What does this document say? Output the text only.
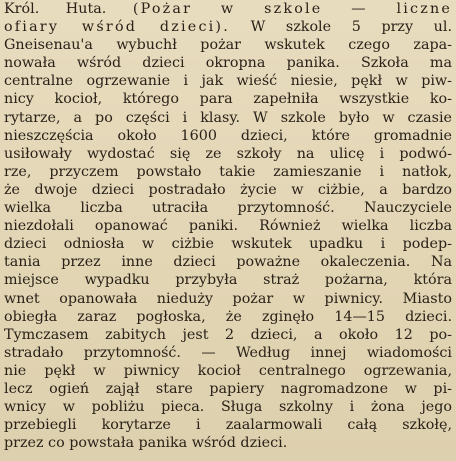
Król. Huta. (Pożar w szkole — liczne
ofiary wśród dzieci). W szkole 5 przy ul.
Gneisenau'a wybuchł pożar wskutek czego zapa-
nowała wśród dzieci okropna panika. Szkoła ma
centralne ogrzewanie i jak wieść niesie, pękł w piw-
nicy kocioł, którego para zapełniła wszystkie ko-
rytarze, a po części i klasy. W szkole było w czasie
nieszczęścia około 1600 dzieci, które gromadnie
usiłowały wydostać się ze szkoły na ulicę i podwó-
rze, przyczem powstało takie zamieszanie i natłok,
że dwoje dzieci postradało życie w ciżbie, a bardzo
wielka liczba utraciła przytomność. Nauczyciele
niezdołali opanować paniki. Również wielka liczba
dzieci odniosła w ciżbie wskutek upadku i podep-
tania przez inne dzieci poważne okaleczenia. Na
miejsce wypadku przybyła straż pożarna, która
wnet opanowała nieduży pożar w piwnicy. Miasto
obiegła zaraz pogłoska, że zginęło 14—15 dzieci.
Tymczasem zabitych jest 2 dzieci, a około 12 po-
stradało przytomność. — Według innej wiadomości
nie pękł w piwnicy kocioł centralnego ogrzewania,
lecz ogień zajął stare papiery nagromadzone w pi-
wnicy w pobliżu pieca. Sługa szkolny i żona jego
przebiegli korytarze i zaalarmowali całą szkołę,
przez co powstała panika wśród dzieci.
